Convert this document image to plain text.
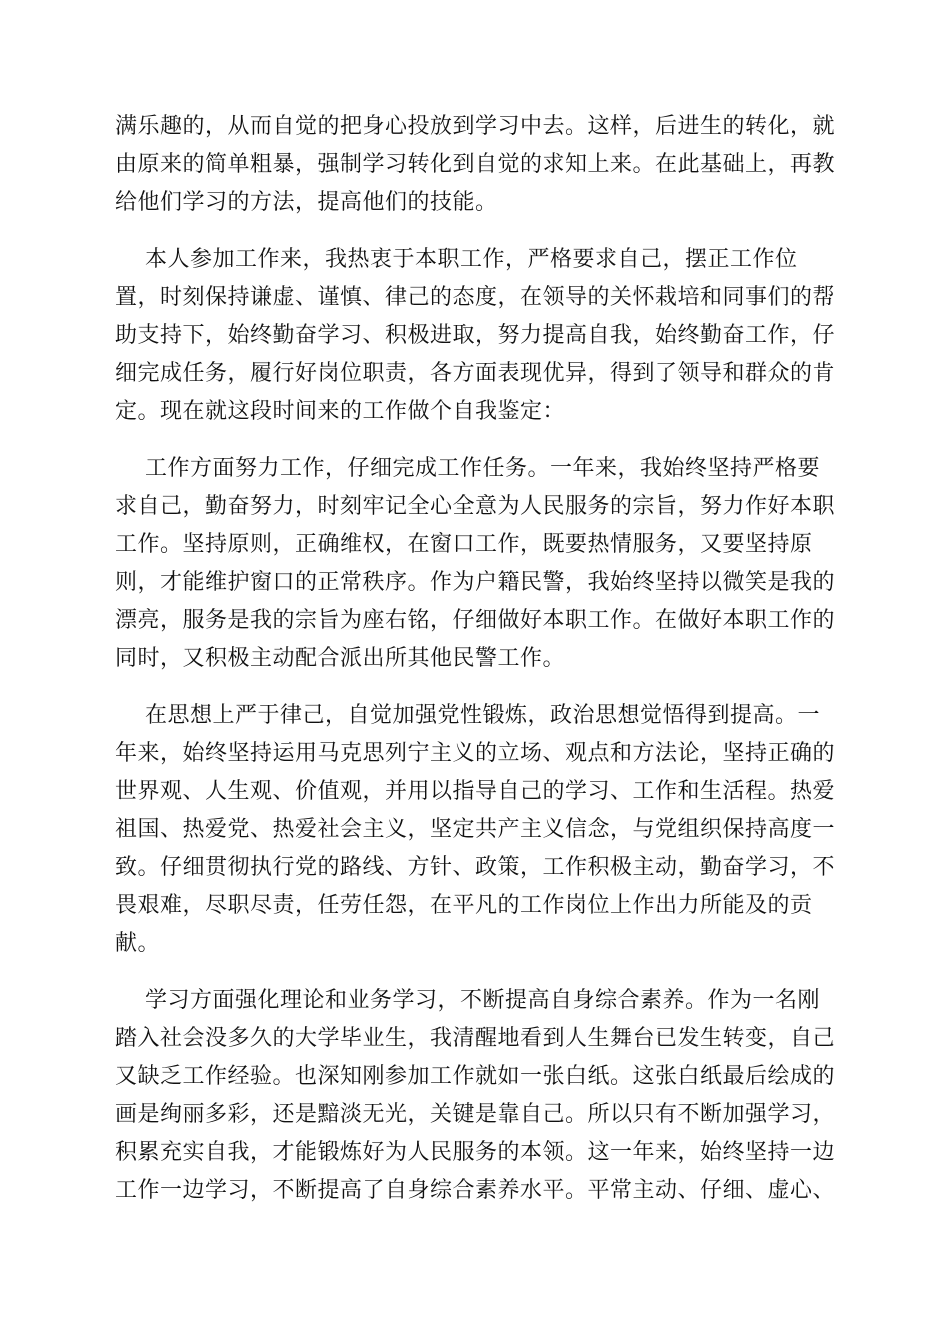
满乐趣的，从而自觉的把身心投放到学习中去。这样，后进生的转化，就
由原来的简单粗暴，强制学习转化到自觉的求知上来。在此基础上，再教
给他们学习的方法，提高他们的技能。
本人参加工作来，我热衷于本职工作，严格要求自己，摆正工作位
置，时刻保持谦虚、谨慎、律己的态度，在领导的关怀栽培和同事们的帮
助支持下，始终勤奋学习、积极进取，努力提高自我，始终勤奋工作，仔
细完成任务，履行好岗位职责，各方面表现优异，得到了领导和群众的肯
定。现在就这段时间来的工作做个自我鉴定：
工作方面努力工作，仔细完成工作任务。一年来，我始终坚持严格要
求自己，勤奋努力，时刻牢记全心全意为人民服务的宗旨，努力作好本职
工作。坚持原则，正确维权，在窗口工作，既要热情服务，又要坚持原
则，才能维护窗口的正常秩序。作为户籍民警，我始终坚持以微笑是我的
漂亮，服务是我的宗旨为座右铭，仔细做好本职工作。在做好本职工作的
同时，又积极主动配合派出所其他民警工作。
在思想上严于律己，自觉加强党性锻炼，政治思想觉悟得到提高。一
年来，始终坚持运用马克思列宁主义的立场、观点和方法论，坚持正确的
世界观、人生观、价值观，并用以指导自己的学习、工作和生活程。热爱
祖国、热爱党、热爱社会主义，坚定共产主义信念，与党组织保持高度一
致。仔细贯彻执行党的路线、方针、政策，工作积极主动，勤奋学习，不
畏艰难，尽职尽责，任劳任怨，在平凡的工作岗位上作出力所能及的贡
献。
学习方面强化理论和业务学习，不断提高自身综合素养。作为一名刚
踏入社会没多久的大学毕业生，我清醒地看到人生舞台已发生转变，自己
又缺乏工作经验。也深知刚参加工作就如一张白纸。这张白纸最后绘成的
画是绚丽多彩，还是黯淡无光，关键是靠自己。所以只有不断加强学习，
积累充实自我，才能锻炼好为人民服务的本领。这一年来，始终坚持一边
工作一边学习，不断提高了自身综合素养水平。平常主动、仔细、虚心、
